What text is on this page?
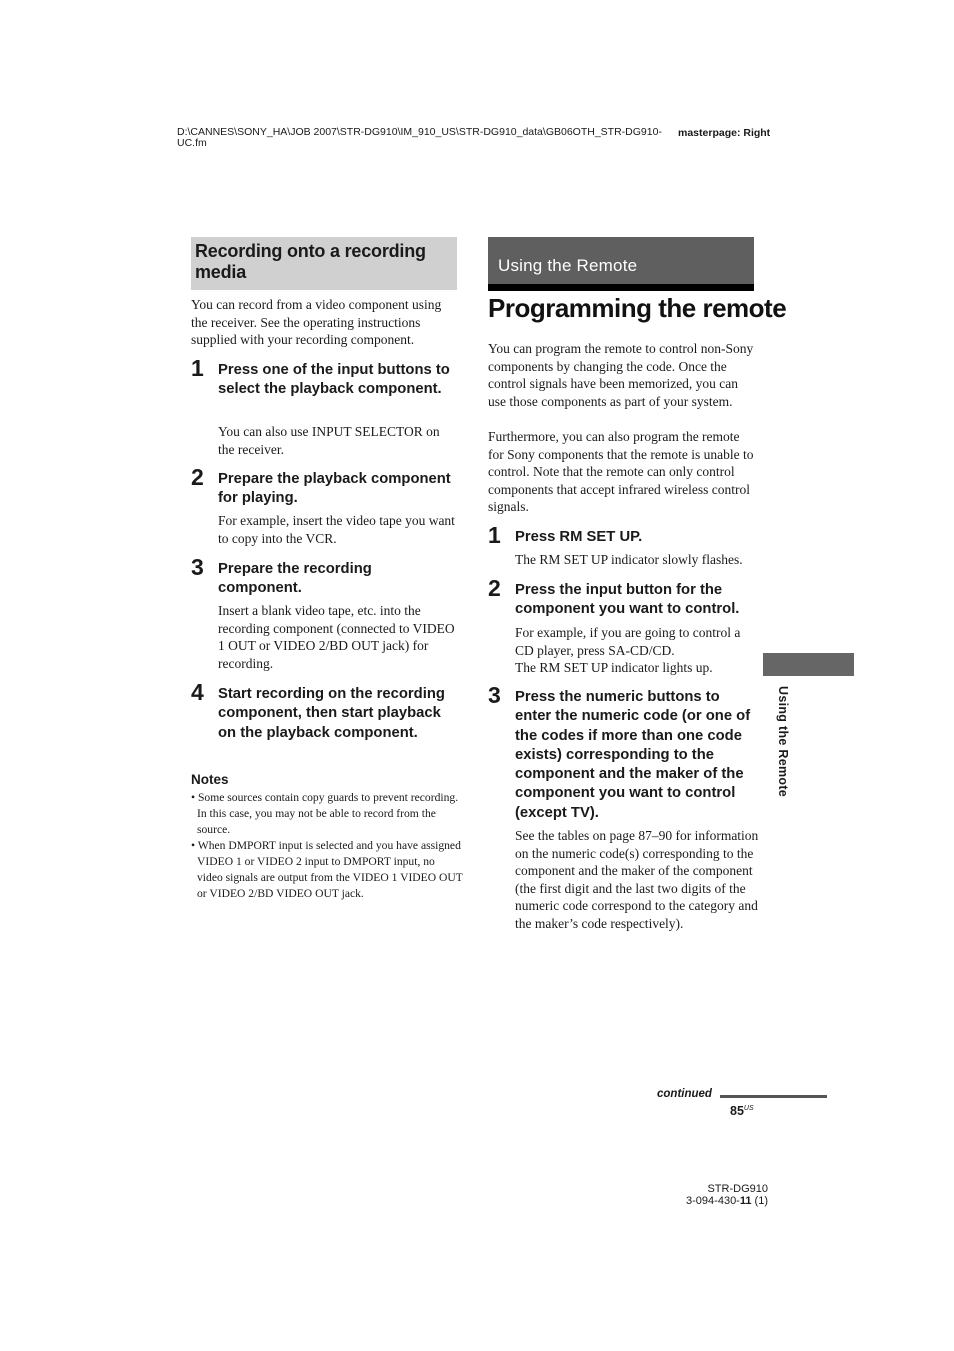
D:\CANNES\SONY_HA\JOB 2007\STR-DG910\IM_910_US\STR-DG910_data\GB06OTH_STR-DG910-UC.fm
masterpage: Right
Recording onto a recording media
You can record from a video component using the receiver. See the operating instructions supplied with your recording component.
1 Press one of the input buttons to select the playback component.
You can also use INPUT SELECTOR on the receiver.
2 Prepare the playback component for playing.
For example, insert the video tape you want to copy into the VCR.
3 Prepare the recording component.
Insert a blank video tape, etc. into the recording component (connected to VIDEO 1 OUT or VIDEO 2/BD OUT jack) for recording.
4 Start recording on the recording component, then start playback on the playback component.
Notes
• Some sources contain copy guards to prevent recording. In this case, you may not be able to record from the source.
• When DMPORT input is selected and you have assigned VIDEO 1 or VIDEO 2 input to DMPORT input, no video signals are output from the VIDEO 1 VIDEO OUT or VIDEO 2/BD VIDEO OUT jack.
Using the Remote
Programming the remote
You can program the remote to control non-Sony components by changing the code. Once the control signals have been memorized, you can use those components as part of your system.
Furthermore, you can also program the remote for Sony components that the remote is unable to control. Note that the remote can only control components that accept infrared wireless control signals.
1 Press RM SET UP.
The RM SET UP indicator slowly flashes.
2 Press the input button for the component you want to control.
For example, if you are going to control a CD player, press SA-CD/CD.
The RM SET UP indicator lights up.
3 Press the numeric buttons to enter the numeric code (or one of the codes if more than one code exists) corresponding to the component and the maker of the component you want to control (except TV).
See the tables on page 87–90 for information on the numeric code(s) corresponding to the component and the maker of the component (the first digit and the last two digits of the numeric code correspond to the category and the maker’s code respectively).
Using the Remote
continued
$85^{US}$
STR-DG910
3-094-430-11 (1)
